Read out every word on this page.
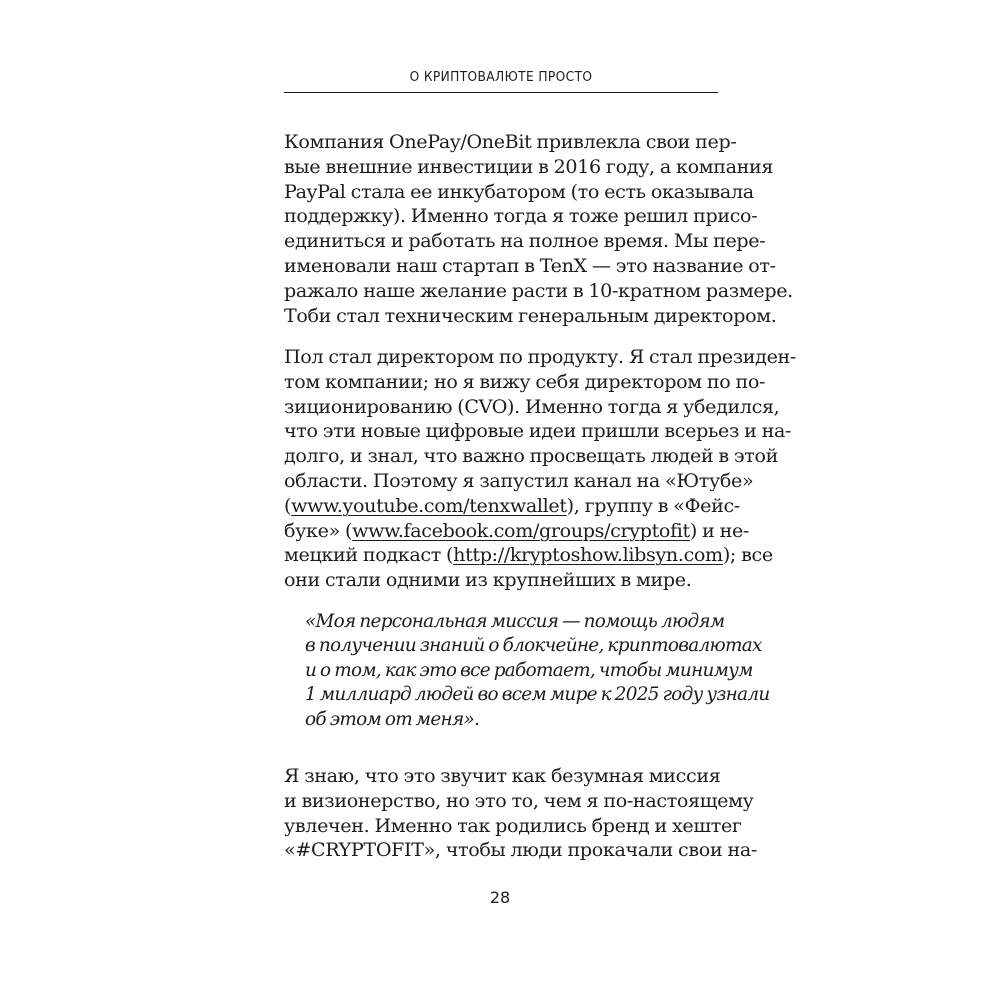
О КРИПТОВАЛЮТЕ ПРОСТО
Компания OnePay/OneBit привлекла свои пер-
вые внешние инвестиции в 2016 году, а компания
PayPal стала ее инкубатором (то есть оказывала
поддержку). Именно тогда я тоже решил присо-
единиться и работать на полное время. Мы пере-
именовали наш стартап в TenX — это название от-
ражало наше желание расти в 10-кратном размере.
Тоби стал техническим генеральным директором.
Пол стал директором по продукту. Я стал президен-
том компании; но я вижу себя директором по по-
зиционированию (CVO). Именно тогда я убедился,
что эти новые цифровые идеи пришли всерьез и на-
долго, и знал, что важно просвещать людей в этой
области. Поэтому я запустил канал на «Ютубе»
(www.youtube.com/tenxwallet), группу в «Фейс-
буке» (www.facebook.com/groups/cryptofit) и не-
мецкий подкаст (http://kryptoshow.libsyn.com); все
они стали одними из крупнейших в мире.
«Моя персональная миссия — помощь людям
в получении знаний о блокчейне, криптовалютах
и о том, как это все работает, чтобы минимум
1 миллиард людей во всем мире к 2025 году узнали
об этом от меня».
Я знаю, что это звучит как безумная миссия
и визионерство, но это то, чем я по-настоящему
увлечен. Именно так родились бренд и хештег
«#CRYPTOFIT», чтобы люди прокачали свои на-
28
